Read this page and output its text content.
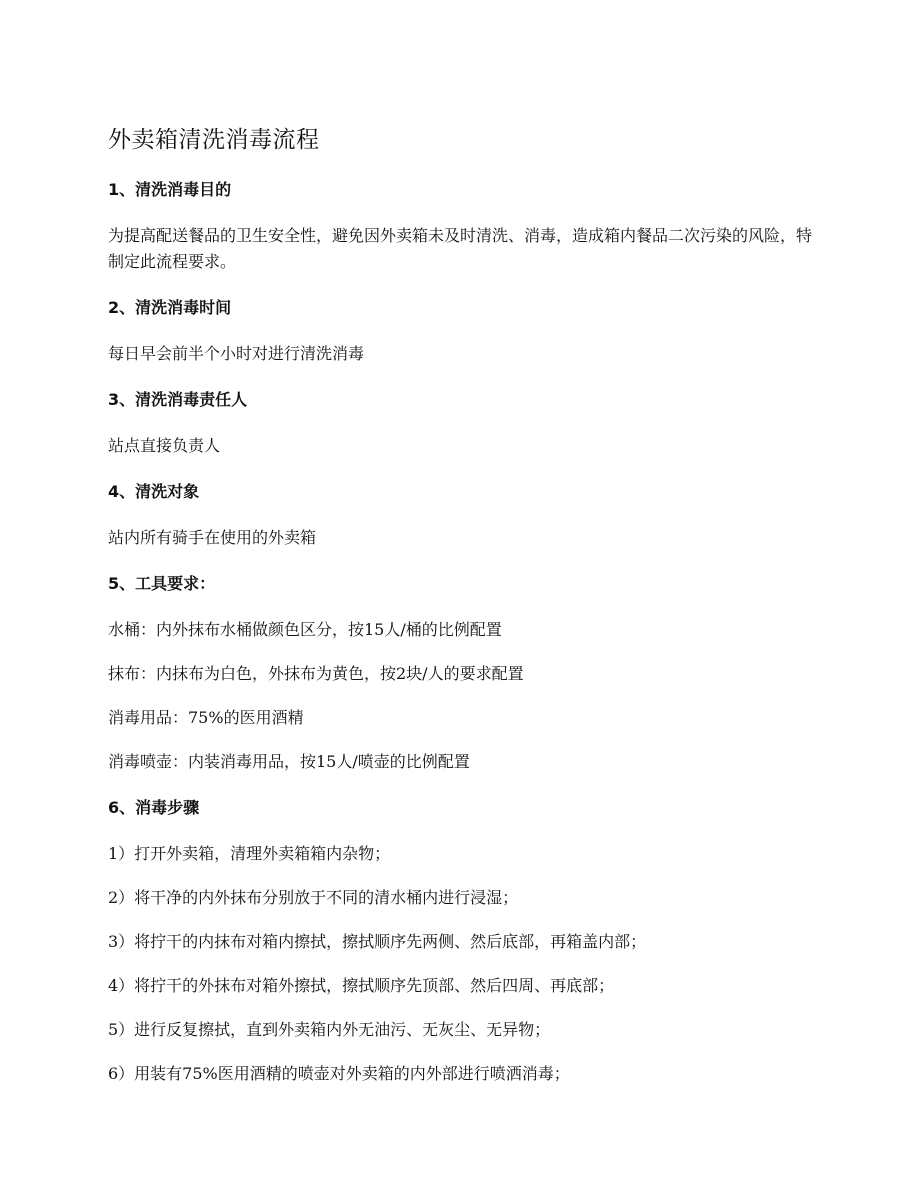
外卖箱清洗消毒流程

1、清洗消毒目的

为提高配送餐品的卫生安全性，避免因外卖箱未及时清洗、消毒，造成箱内餐品二次污染的风险，特制定此流程要求。

2、清洗消毒时间

每日早会前半个小时对进行清洗消毒

3、清洗消毒责任人

站点直接负责人

4、清洗对象

站内所有骑手在使用的外卖箱

5、工具要求：

水桶：内外抹布水桶做颜色区分，按15人/桶的比例配置

抹布：内抹布为白色，外抹布为黄色，按2块/人的要求配置

消毒用品：75%的医用酒精

消毒喷壶：内装消毒用品，按15人/喷壶的比例配置

6、消毒步骤

1）打开外卖箱，清理外卖箱箱内杂物；

2）将干净的内外抹布分别放于不同的清水桶内进行浸湿；

3）将拧干的内抹布对箱内擦拭，擦拭顺序先两侧、然后底部，再箱盖内部；

4）将拧干的外抹布对箱外擦拭，擦拭顺序先顶部、然后四周、再底部；

5）进行反复擦拭，直到外卖箱内外无油污、无灰尘、无异物；

6）用装有75%医用酒精的喷壶对外卖箱的内外部进行喷洒消毒；
